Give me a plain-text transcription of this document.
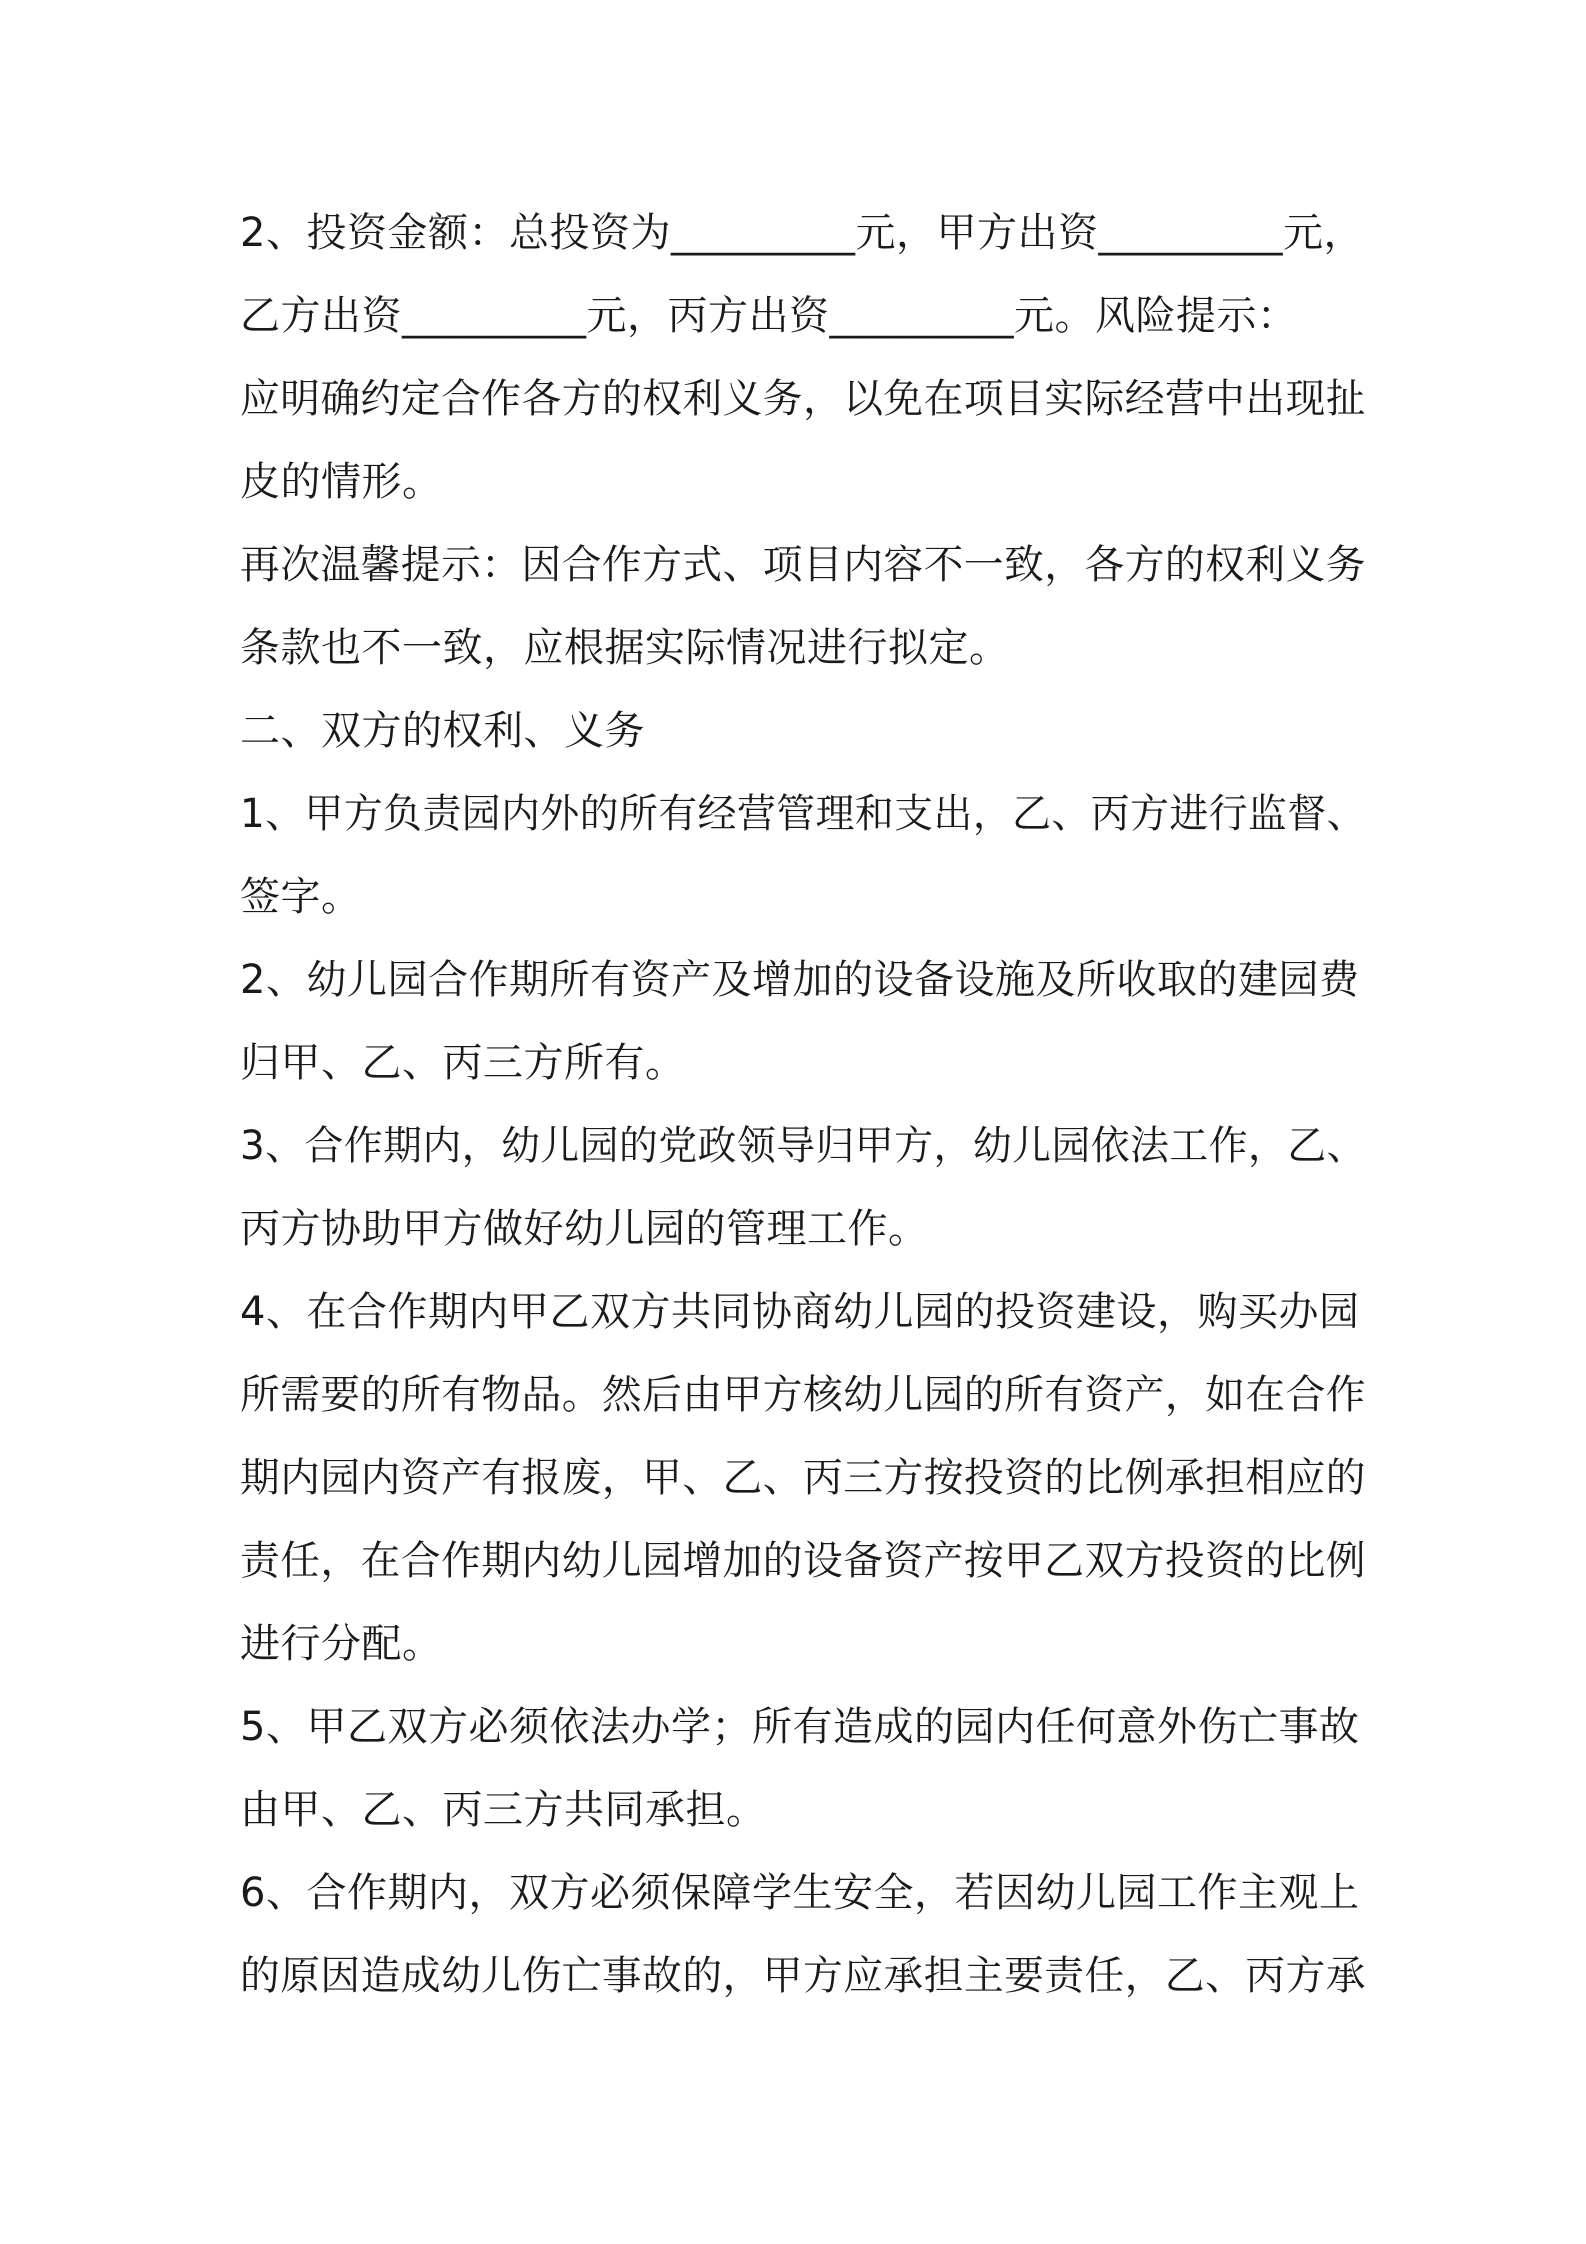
2、投资金额：总投资为_________元，甲方出资_________元，
乙方出资_________元，丙方出资_________元。风险提示：
应明确约定合作各方的权利义务，以免在项目实际经营中出现扯
皮的情形。
再次温馨提示：因合作方式、项目内容不一致，各方的权利义务
条款也不一致，应根据实际情况进行拟定。
二、双方的权利、义务
1、甲方负责园内外的所有经营管理和支出，乙、丙方进行监督、
签字。
2、幼儿园合作期所有资产及增加的设备设施及所收取的建园费
归甲、乙、丙三方所有。
3、合作期内，幼儿园的党政领导归甲方，幼儿园依法工作，乙、
丙方协助甲方做好幼儿园的管理工作。
4、在合作期内甲乙双方共同协商幼儿园的投资建设，购买办园
所需要的所有物品。然后由甲方核幼儿园的所有资产，如在合作
期内园内资产有报废，甲、乙、丙三方按投资的比例承担相应的
责任，在合作期内幼儿园增加的设备资产按甲乙双方投资的比例
进行分配。
5、甲乙双方必须依法办学；所有造成的园内任何意外伤亡事故
由甲、乙、丙三方共同承担。
6、合作期内，双方必须保障学生安全，若因幼儿园工作主观上
的原因造成幼儿伤亡事故的，甲方应承担主要责任，乙、丙方承
